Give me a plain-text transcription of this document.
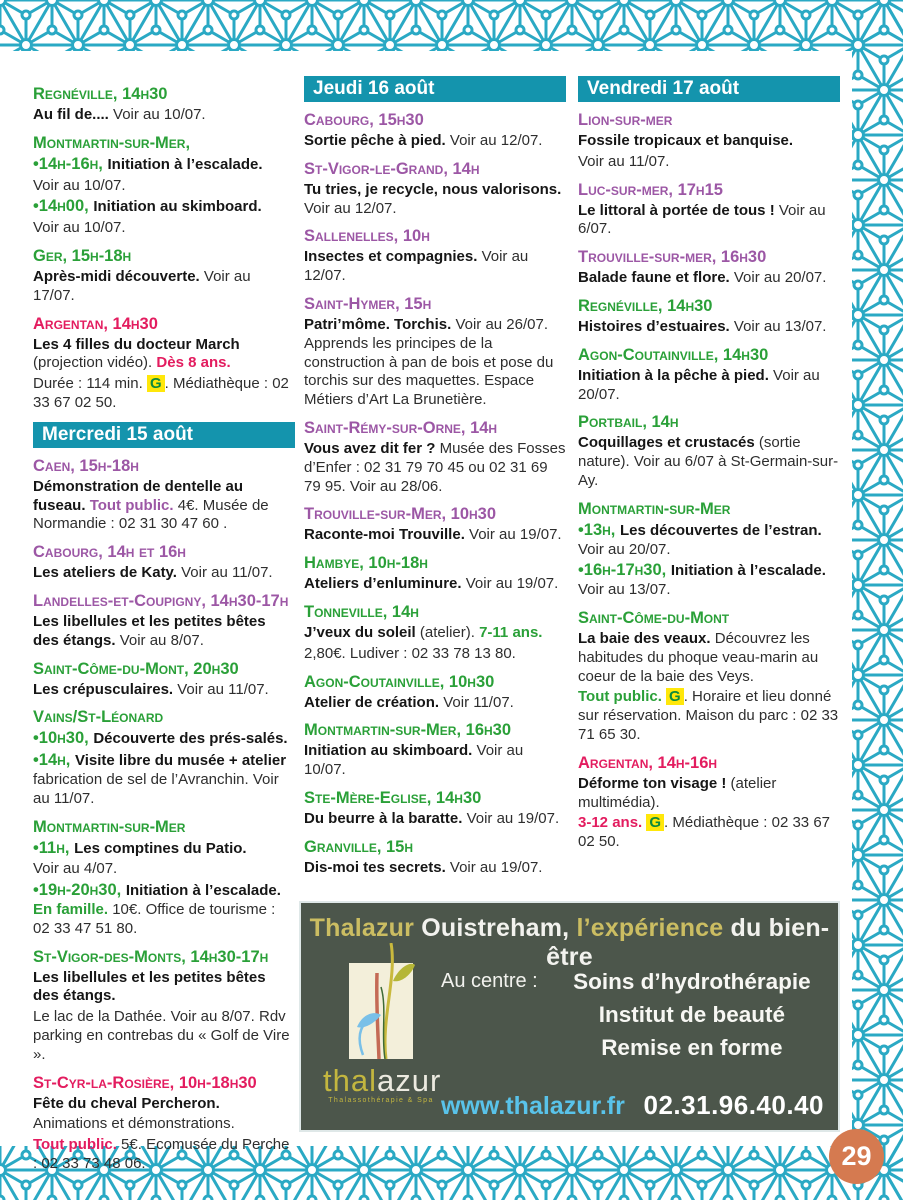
Regnéville, 14h30

Au fil de.... Voir au 10/07.

Montmartin-sur-Mer,

•14h-16h, Initiation à l’escalade.

Voir au 10/07.

•14h00, Initiation au skimboard.

Voir au 10/07.

Ger, 15h-18h

Après-midi découverte. Voir au 17/07.

Argentan, 14h30

Les 4 filles du docteur March (projection vidéo). Dès 8 ans.

Durée : 114 min. G . Médiathèque : 02 33 67 02 50.

Mercredi 15 août
Caen, 15h-18h

Démonstration de dentelle au fuseau. Tout public. 4€. Musée de Normandie : 02 31 30 47 60 .

Cabourg, 14h et 16h

Les ateliers de Katy. Voir au 11/07.

Landelles-et-Coupigny, 14h30-17h

Les libellules et les petites bêtes des étangs. Voir au 8/07.

Saint-Côme-du-Mont, 20h30

Les crépusculaires. Voir au 11/07.

Vains/St-Léonard

•10h30, Découverte des prés-salés.

•14h, Visite libre du musée + atelier fabrication de sel de l’Avranchin. Voir au 11/07.

Montmartin-sur-Mer

•11h, Les comptines du Patio.

Voir au 4/07.

•19h-20h30, Initiation à l’escalade. En famille. 10€. Office de tourisme : 02 33 47 51 80.

St-Vigor-des-Monts, 14h30-17h

Les libellules et les petites bêtes des étangs.

Le lac de la Dathée. Voir au 8/07. Rdv parking en contrebas du « Golf de Vire ».

St-Cyr-la-Rosière, 10h-18h30

Fête du cheval Percheron.

Animations et démonstrations.

Tout public. 5€. Ecomusée du Perche : 02 33 73 48 06.

Jeudi 16 août
Cabourg, 15h30

Sortie pêche à pied. Voir au 12/07.

St-Vigor-le-Grand, 14h

Tu tries, je recycle, nous valorisons. Voir au 12/07.

Sallenelles, 10h

Insectes et compagnies. Voir au 12/07.

Saint-Hymer, 15h

Patri’môme. Torchis. Voir au 26/07. Apprends les principes de la construction à pan de bois et pose du torchis sur des maquettes. Espace Métiers d’Art La Brunetière.

Saint-Rémy-sur-Orne, 14h

Vous avez dit fer ? Musée des Fosses d’Enfer : 02 31 79 70 45 ou 02 31 69 79 95. Voir au 28/06.

Trouville-sur-Mer, 10h30

Raconte-moi Trouville. Voir au 19/07.

Hambye, 10h-18h

Ateliers d’enluminure. Voir au 19/07.

Tonneville, 14h

J’veux du soleil (atelier). 7-11 ans.

2,80€. Ludiver : 02 33 78 13 80.

Agon-Coutainville, 10h30

Atelier de création. Voir 11/07.

Montmartin-sur-Mer, 16h30

Initiation au skimboard. Voir au 10/07.

Ste-Mère-Eglise, 14h30

Du beurre à la baratte. Voir au 19/07.

Granville, 15h

Dis-moi tes secrets. Voir au 19/07.

Vendredi 17 août
Lion-sur-mer

Fossile tropicaux et banquise.

Voir au 11/07.

Luc-sur-mer, 17h15

Le littoral à portée de tous ! Voir au 6/07.

Trouville-sur-mer, 16h30

Balade faune et flore. Voir au 20/07.

Regnéville, 14h30

Histoires d’estuaires. Voir au 13/07.

Agon-Coutainville, 14h30

Initiation à la pêche à pied. Voir au 20/07.

Portbail, 14h

Coquillages et crustacés (sortie nature). Voir au 6/07 à St-Germain-sur-Ay.

Montmartin-sur-Mer

•13h, Les découvertes de l’estran. Voir au 20/07.

•16h-17h30, Initiation à l’escalade. Voir au 13/07.

Saint-Côme-du-Mont

La baie des veaux. Découvrez les habitudes du phoque veau-marin au coeur de la baie des Veys.

Tout public. G . Horaire et lieu donné sur réservation. Maison du parc : 02 33 71 65 30.

Argentan, 14h-16h

Déforme ton visage ! (atelier multimédia).

3-12 ans. G . Médiathèque : 02 33 67 02 50.

Thalazur Ouistreham, l’expérience du bien-être
thalazur
Thalassothérapie & Spa
Au centre :	Soins d’hydrothérapie
Institut de beauté
Remise en forme
www.thalazur.fr 02.31.96.40.40
29
